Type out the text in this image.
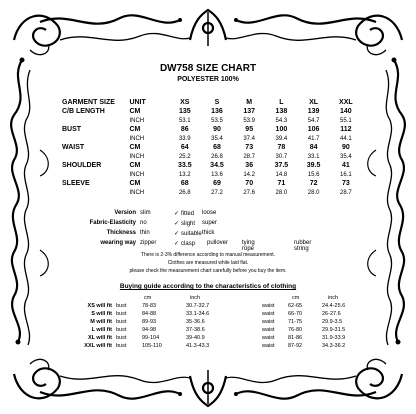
DW758 SIZE CHART
POLYESTER 100%
GARMENT SIZE	UNIT	XS	S	M	L	XL	XXL
C/B LENGTH	CM	135	136	137	138	139	140
	INCH	53.1	53.5	53.9	54.3	54.7	55.1
BUST	CM	86	90	95	100	106	112
	INCH	33.9	35.4	37.4	39.4	41.7	44.1
WAIST	CM	64	68	73	78	84	90
	INCH	25.2	26.8	28.7	30.7	33.1	35.4
SHOULDER	CM	33.5	34.5	36	37.5	39.5	41
	INCH	13.2	13.6	14.2	14.8	15.6	16.1
SLEEVE	CM	68	69	70	71	72	73
	INCH	26.8	27.2	27.6	28.0	28.0	28.7
Version slim	✓ fitted loose
Fabric-Elasticity no	✓ slight super
Thickness thin	✓ suitable thick
wearing way zipper	✓ clasp pullover tying rope
rubber string
There is 2-3% difference according to manual measurement.
Clothes are measured while laid flat.
please check the measurement chart carefully before you buy the item.
Buying guide according to the characteristics of clothing
cm	inch
XS will fit bust	78-83	30.7-32.7
S will fit bust	84-88	33.1-34.6
M will fit bust	89-93	35-36.6
L will fit bust	94-98	37-38.6
XL will fit bust	99-104	39-40.9
XXL will fit bust	105-110	41.3-43.3
cm	inch
waist 62-65	24.4-25.6
waist 66-70	26-27.6
waist 71-75	29.9-3.5
waist 76-80	29.9-31.5
waist 81-86	31.9-33.9
waist 87-92	34.3-36.2
